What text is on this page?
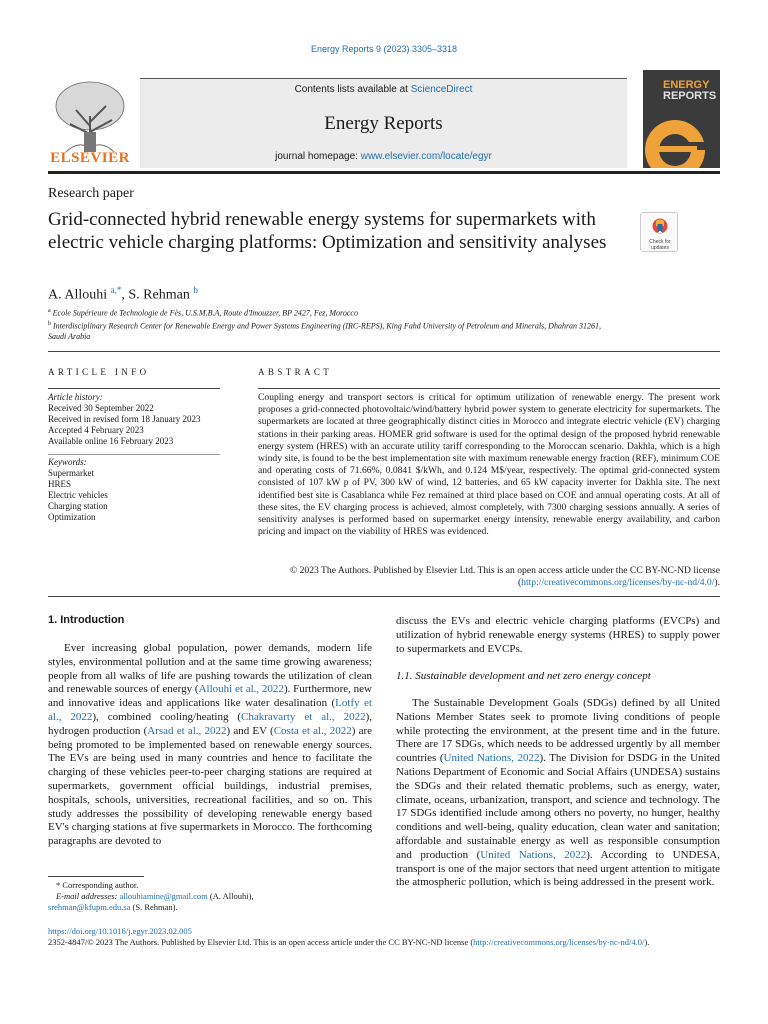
Energy Reports 9 (2023) 3305–3318
ELSEVIER
Contents lists available at ScienceDirect
Energy Reports
journal homepage: www.elsevier.com/locate/egyr
ENERGY
REPORTS
Research paper
Grid-connected hybrid renewable energy systems for supermarkets with electric vehicle charging platforms: Optimization and sensitivity analyses	Check for updates
A. Allouhi $^{a,*}$, S. Rehman $^b$
$^a$ Ecole Supérieure de Technologie de Fès, U.S.M.B.A, Route d'Imouzzer, BP 2427, Fez, Morocco
$^b$ Interdisciplinary Research Center for Renewable Energy and Power Systems Engineering (IRC-REPS), King Fahd University of Petroleum and Minerals, Dhahran 31261, Saudi Arabia
ARTICLE INFO
Article history:
Received 30 September 2022
Received in revised form 18 January 2023
Accepted 4 February 2023
Available online 16 February 2023
Keywords:
Supermarket
HRES
Electric vehicles
Charging station
Optimization
ABSTRACT
Coupling energy and transport sectors is critical for optimum utilization of renewable energy. The present work proposes a grid-connected photovoltaic/wind/battery hybrid power system to generate electricity for supermarkets. The supermarkets are located at three geographically distinct cities in Morocco and integrate electric vehicle (EV) charging stations in their parking areas. HOMER grid software is used for the optimal design of the proposed hybrid renewable energy system (HRES) with an accurate utility tariff corresponding to the Moroccan scenario. Dakhla, which is a high windy site, is found to be the best implementation site with maximum renewable energy fraction (REF), minimum COE and operating costs of 71.66%, 0.0841 $/kWh, and 0.124 M$/year, respectively. The optimal grid-connected system consisted of 107 kW p of PV, 300 kW of wind, 12 batteries, and 65 kW capacity inverter for Dakhla site. The next identified best site is Casablanca while Fez remained at third place based on COE and annual operating costs. At all of these sites, the EV charging process is achieved, almost completely, with 7300 charging sessions annually. A series of sensitivity analyses is performed based on supermarket energy intensity, renewable energy availability, and carbon pricing and impact on the viability of HRES was evidenced.
© 2023 The Authors. Published by Elsevier Ltd. This is an open access article under the CC BY-NC-ND license (http://creativecommons.org/licenses/by-nc-nd/4.0/).
1. Introduction
Ever increasing global population, power demands, modern life styles, environmental pollution and at the same time growing awareness; people from all walks of life are pushing towards the utilization of clean and renewable sources of energy (Allouhi et al., 2022). Furthermore, new and innovative ideas and applications like water desalination (Lotfy et al., 2022), combined cooling/heating (Chakravarty et al., 2022), hydrogen production (Arsad et al., 2022) and EV (Costa et al., 2022) are being promoted to be implemented based on renewable energy sources. The EVs are being used in many countries and hence to facilitate the charging of these vehicles peer-to-peer charging stations are required at supermarkets, government official buildings, industrial premises, hospitals, schools, universities, recreational facilities, and so on. This study addresses the possibility of developing renewable energy based EV's charging stations at five supermarkets in Morocco. The forthcoming paragraphs are devoted to
discuss the EVs and electric vehicle charging platforms (EVCPs) and utilization of hybrid renewable energy systems (HRES) to supply power to supermarkets and EVCPs.
1.1. Sustainable development and net zero energy concept
The Sustainable Development Goals (SDGs) defined by all United Nations Member States seek to promote living conditions of people while protecting the environment, at the present time and in the future. There are 17 SDGs, which needs to be addressed urgently by all member countries (United Nations, 2022). The Division for DSDG in the United Nations Department of Economic and Social Affairs (UNDESA) sustains the SDGs and their related thematic problems, such as energy, water, climate, oceans, urbanization, transport, and science and technology. The 17 SDGs identified include among others no poverty, no hunger, healthy conditions and well-being, quality education, clean water and sanitation; affordable and sustainable energy as well as responsible consumption and production (United Nations, 2022). According to UNDESA, transport is one of the major sectors that need urgent attention to mitigate the atmospheric pollution, which is being addressed in the present work.
* Corresponding author.
E-mail addresses: allouhiamine@gmail.com (A. Allouhi),
srehman@kfupm.edu.sa (S. Rehman).
https://doi.org/10.1016/j.egyr.2023.02.005
2352-4847/© 2023 The Authors. Published by Elsevier Ltd. This is an open access article under the CC BY-NC-ND license (http://creativecommons.org/licenses/by-nc-nd/4.0/).
